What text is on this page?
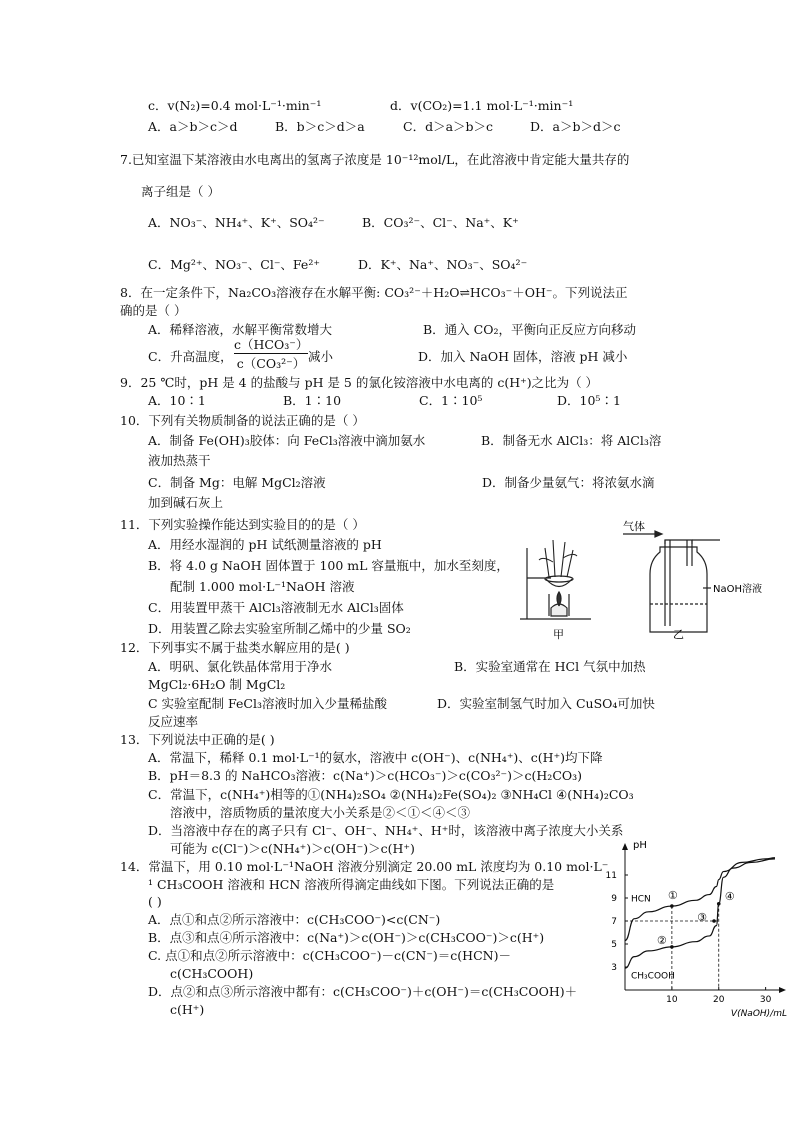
c．v(N₂)=0.4 mol·L⁻¹·min⁻¹	d．v(CO₂)=1.1 mol·L⁻¹·min⁻¹
A．a＞b＞c＞d	B．b＞c＞d＞a	C．d＞a＞b＞c	D．a＞b＞d＞c
7.已知室温下某溶液由水电离出的氢离子浓度是 10⁻¹²mol/L，在此溶液中肯定能大量共存的
离子组是（ ）
A．NO₃⁻、NH₄⁺、K⁺、SO₄²⁻	B．CO₃²⁻、Cl⁻、Na⁺、K⁺
C．Mg²⁺、NO₃⁻、Cl⁻、Fe²⁺	D．K⁺、Na⁺、NO₃⁻、SO₄²⁻
8．在一定条件下，Na₂CO₃溶液存在水解平衡: CO₃²⁻＋H₂O⇌HCO₃⁻＋OH⁻。下列说法正
确的是（ ）
A．稀释溶液，水解平衡常数增大	B．通入 CO₂，平衡向正反应方向移动
C．升高温度，
c（HCO₃⁻）
c（CO₃²⁻） 减小	D．加入 NaOH 固体，溶液 pH 减小
9．25 ℃时，pH 是 4 的盐酸与 pH 是 5 的氯化铵溶液中水电离的 c(H⁺)之比为（ ）
A．10∶1	B．1∶10	C．1∶10⁵	D．10⁵∶1
10．下列有关物质制备的说法正确的是（ ）
A．制备 Fe(OH)₃胶体：向 FeCl₃溶液中滴加氨水	B．制备无水 AlCl₃：将 AlCl₃溶
液加热蒸干
C．制备 Mg：电解 MgCl₂溶液	D．制备少量氨气：将浓氨水滴
加到碱石灰上
11．下列实验操作能达到实验目的的是（ ）
A．用经水湿润的 pH 试纸测量溶液的 pH
B．将 4.0 g NaOH 固体置于 100 mL 容量瓶中，加水至刻度，
配制 1.000 mol·L⁻¹NaOH 溶液
C．用装置甲蒸干 AlCl₃溶液制无水 AlCl₃固体
D．用装置乙除去实验室所制乙烯中的少量 SO₂
气体
NaOH溶液
甲	乙
12．下列事实不属于盐类水解应用的是( )
A．明矾、氯化铁晶体常用于净水	B．实验室通常在 HCl 气氛中加热
MgCl₂·6H₂O 制 MgCl₂
C 实验室配制 FeCl₃溶液时加入少量稀盐酸	D．实验室制氢气时加入 CuSO₄可加快
反应速率
13．下列说法中正确的是( )
A．常温下，稀释 0.1 mol·L⁻¹的氨水，溶液中 c(OH⁻)、c(NH₄⁺)、c(H⁺)均下降
B．pH＝8.3 的 NaHCO₃溶液：c(Na⁺)＞c(HCO₃⁻)＞c(CO₃²⁻)＞c(H₂CO₃)
C．常温下，c(NH₄⁺)相等的①(NH₄)₂SO₄ ②(NH₄)₂Fe(SO₄)₂ ③NH₄Cl ④(NH₄)₂CO₃
溶液中，溶质物质的量浓度大小关系是②＜①＜④＜③
D．当溶液中存在的离子只有 Cl⁻、OH⁻、NH₄⁺、H⁺时，该溶液中离子浓度大小关系
可能为 c(Cl⁻)＞c(NH₄⁺)＞c(OH⁻)＞c(H⁺)
14．常温下，用 0.10 mol·L⁻¹NaOH 溶液分别滴定 20.00 mL 浓度均为 0.10 mol·L⁻
¹ CH₃COOH 溶液和 HCN 溶液所得滴定曲线如下图。下列说法正确的是
( )
A．点①和点②所示溶液中：c(CH₃COO⁻)<c(CN⁻)
B．点③和点④所示溶液中：c(Na⁺)＞c(OH⁻)＞c(CH₃COO⁻)＞c(H⁺)
C. 点①和点②所示溶液中：c(CH₃COO⁻)－c(CN⁻)＝c(HCN)－
c(CH₃COOH)
D．点②和点③所示溶液中都有：c(CH₃COO⁻)＋c(OH⁻)＝c(CH₃COOH)＋
c(H⁺)
pH
V(NaOH)/mL
10	20	30
3
5
7
9
11
HCN
CH₃COOH
①
②
③
④
